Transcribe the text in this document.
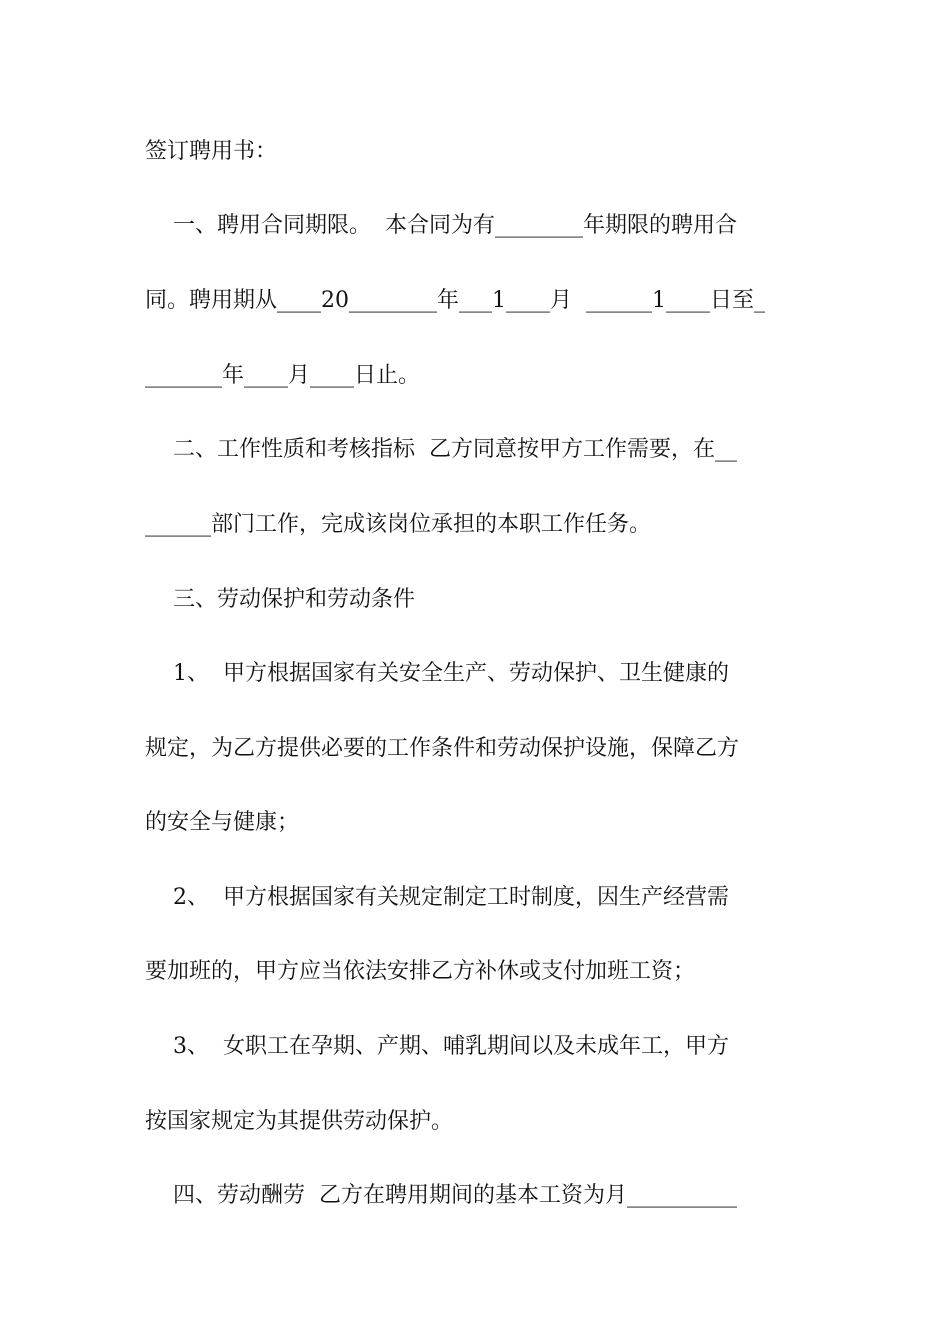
签订聘用书：
一、聘用合同期限。  本合同为有________年期限的聘用合
同。聘用期从____20________年___1____月  ______1____日至_
_______年____月____日止。
二、工作性质和考核指标  乙方同意按甲方工作需要，在__
______部门工作，完成该岗位承担的本职工作任务。
三、劳动保护和劳动条件
1、  甲方根据国家有关安全生产、劳动保护、卫生健康的
规定，为乙方提供必要的工作条件和劳动保护设施，保障乙方
的安全与健康；
2、  甲方根据国家有关规定制定工时制度，因生产经营需
要加班的，甲方应当依法安排乙方补休或支付加班工资；
3、  女职工在孕期、产期、哺乳期间以及未成年工，甲方
按国家规定为其提供劳动保护。
四、劳动酬劳  乙方在聘用期间的基本工资为月__________
